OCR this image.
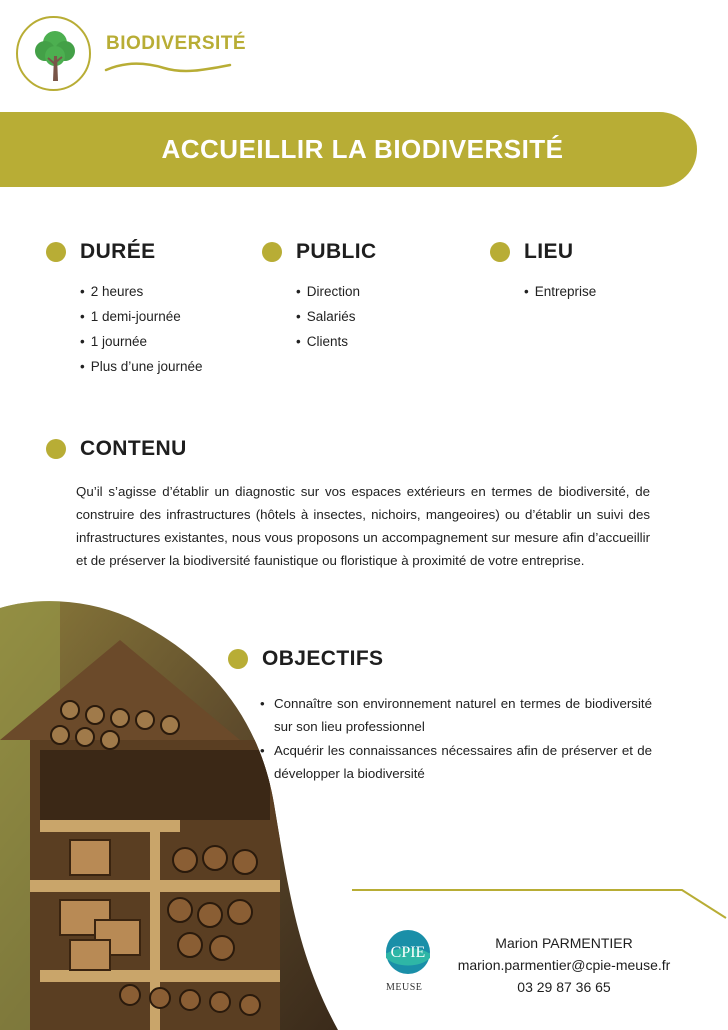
BIODIVERSITÉ
ACCUEILLIR LA BIODIVERSITÉ
DURÉE
• 2 heures
• 1 demi-journée
• 1 journée
• Plus d’une journée
PUBLIC
• Direction
• Salariés
• Clients
LIEU
• Entreprise
CONTENU

Qu’il s’agisse d’établir un diagnostic sur vos espaces extérieurs en termes de biodiversité, de construire des infrastructures (hôtels à insectes, nichoirs, mangeoires) ou d’établir un suivi des infrastructures existantes, nous vous proposons un accompagnement sur mesure afin d’accueillir et de préserver la biodiversité faunistique ou floristique à proximité de votre entreprise.

OBJECTIFS
• Connaître son environnement naturel en termes de biodiversité sur son lieu professionnel
• Acquérir les connaissances nécessaires afin de préserver et de développer la biodiversité
CPIE
MEUSE
Marion PARMENTIER
marion.parmentier@cpie-meuse.fr
03 29 87 36 65
